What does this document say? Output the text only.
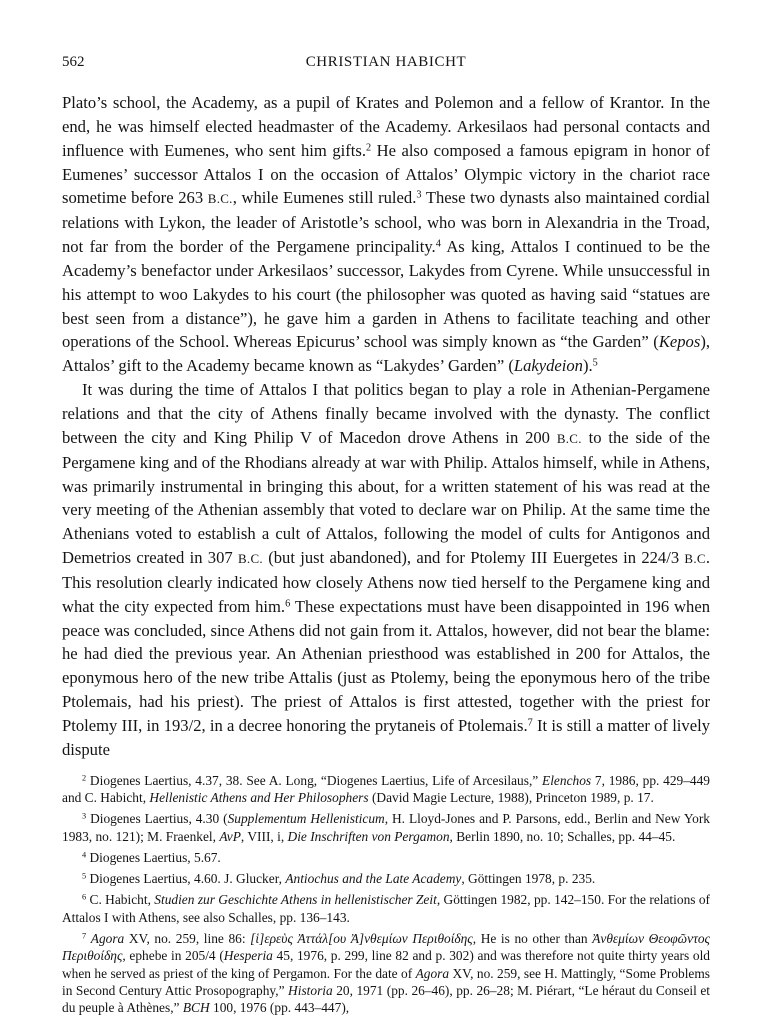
562	CHRISTIAN HABICHT

Plato’s school, the Academy, as a pupil of Krates and Polemon and a fellow of Krantor. In the end, he was himself elected headmaster of the Academy. Arkesilaos had personal contacts and influence with Eumenes, who sent him gifts.$^2$ He also composed a famous epigram in honor of Eumenes’ successor Attalos I on the occasion of Attalos’ Olympic victory in the chariot race sometime before 263 B.C., while Eumenes still ruled.$^3$ These two dynasts also maintained cordial relations with Lykon, the leader of Aristotle’s school, who was born in Alexandria in the Troad, not far from the border of the Pergamene principality.$^4$ As king, Attalos I continued to be the Academy’s benefactor under Arkesilaos’ successor, Lakydes from Cyrene. While unsuccessful in his attempt to woo Lakydes to his court (the philosopher was quoted as having said “statues are best seen from a distance”), he gave him a garden in Athens to facilitate teaching and other operations of the School. Whereas Epicurus’ school was simply known as “the Garden” (Kepos), Attalos’ gift to the Academy became known as “Lakydes’ Garden” (Lakydeion).$^5$

It was during the time of Attalos I that politics began to play a role in Athenian-Pergamene relations and that the city of Athens finally became involved with the dynasty. The conflict between the city and King Philip V of Macedon drove Athens in 200 B.C. to the side of the Pergamene king and of the Rhodians already at war with Philip. Attalos himself, while in Athens, was primarily instrumental in bringing this about, for a written statement of his was read at the very meeting of the Athenian assembly that voted to declare war on Philip. At the same time the Athenians voted to establish a cult of Attalos, following the model of cults for Antigonos and Demetrios created in 307 B.C. (but just abandoned), and for Ptolemy III Euergetes in 224/3 B.C. This resolution clearly indicated how closely Athens now tied herself to the Pergamene king and what the city expected from him.$^6$ These expectations must have been disappointed in 196 when peace was concluded, since Athens did not gain from it. Attalos, however, did not bear the blame: he had died the previous year. An Athenian priesthood was established in 200 for Attalos, the eponymous hero of the new tribe Attalis (just as Ptolemy, being the eponymous hero of the tribe Ptolemais, had his priest). The priest of Attalos is first attested, together with the priest for Ptolemy III, in 193/2, in a decree honoring the prytaneis of Ptolemais.$^7$ It is still a matter of lively dispute

$^2$ Diogenes Laertius, 4.37, 38. See A. Long, “Diogenes Laertius, Life of Arcesilaus,” Elenchos 7, 1986, pp. 429–449 and C. Habicht, Hellenistic Athens and Her Philosophers (David Magie Lecture, 1988), Princeton 1989, p. 17.

$^3$ Diogenes Laertius, 4.30 (Supplementum Hellenisticum, H. Lloyd-Jones and P. Parsons, edd., Berlin and New York 1983, no. 121); M. Fraenkel, AvP, VIII, i, Die Inschriften von Pergamon, Berlin 1890, no. 10; Schalles, pp. 44–45.

$^4$ Diogenes Laertius, 5.67.

$^5$ Diogenes Laertius, 4.60. J. Glucker, Antiochus and the Late Academy, Göttingen 1978, p. 235.

$^6$ C. Habicht, Studien zur Geschichte Athens in hellenistischer Zeit, Göttingen 1982, pp. 142–150. For the relations of Attalos I with Athens, see also Schalles, pp. 136–143.

$^7$ Agora XV, no. 259, line 86: [ἱ]ερεὺς Ἀττάλ[ου Ἀ]νθεμίων Περιθοίδης, He is no other than Ἀνθεμίων Θεοφῶντος Περιθοίδης, ephebe in 205/4 (Hesperia 45, 1976, p. 299, line 82 and p. 302) and was therefore not quite thirty years old when he served as priest of the king of Pergamon. For the date of Agora XV, no. 259, see H. Mattingly, “Some Problems in Second Century Attic Prosopography,” Historia 20, 1971 (pp. 26–46), pp. 26–28; M. Piérart, “Le héraut du Conseil et du peuple à Athènes,” BCH 100, 1976 (pp. 443–447),
